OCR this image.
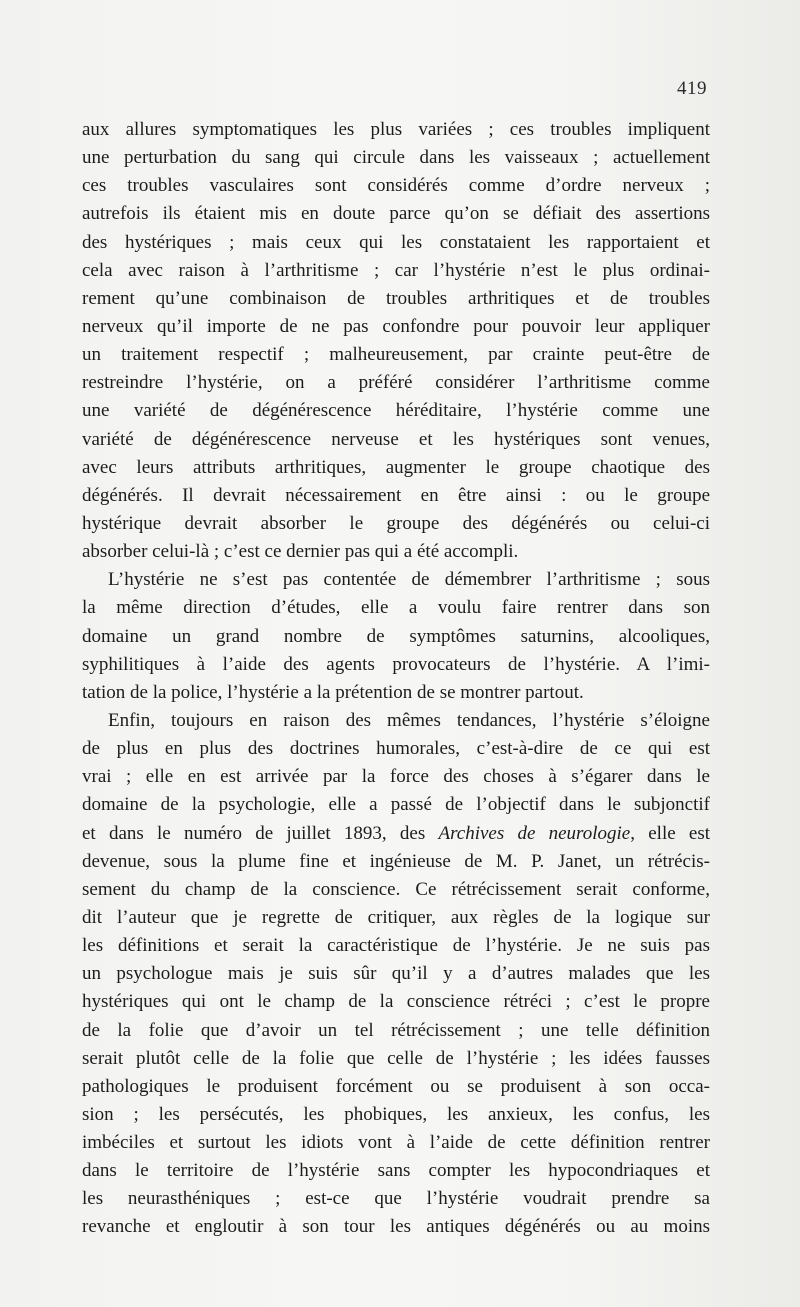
419
aux allures symptomatiques les plus variées ; ces troubles impliquent
une perturbation du sang qui circule dans les vaisseaux ; actuellement
ces troubles vasculaires sont considérés comme d’ordre nerveux ;
autrefois ils étaient mis en doute parce qu’on se défiait des assertions
des hystériques ; mais ceux qui les constataient les rapportaient et
cela avec raison à l’arthritisme ; car l’hystérie n’est le plus ordinai-
rement qu’une combinaison de troubles arthritiques et de troubles
nerveux qu’il importe de ne pas confondre pour pouvoir leur appliquer
un traitement respectif ; malheureusement, par crainte peut-être de
restreindre l’hystérie, on a préféré considérer l’arthritisme comme
une variété de dégénérescence héréditaire, l’hystérie comme une
variété de dégénérescence nerveuse et les hystériques sont venues,
avec leurs attributs arthritiques, augmenter le groupe chaotique des
dégénérés. Il devrait nécessairement en être ainsi : ou le groupe
hystérique devrait absorber le groupe des dégénérés ou celui-ci
absorber celui-là ; c’est ce dernier pas qui a été accompli.
L’hystérie ne s’est pas contentée de démembrer l’arthritisme ; sous
la même direction d’études, elle a voulu faire rentrer dans son
domaine un grand nombre de symptômes saturnins, alcooliques,
syphilitiques à l’aide des agents provocateurs de l’hystérie. A l’imi-
tation de la police, l’hystérie a la prétention de se montrer partout.
Enfin, toujours en raison des mêmes tendances, l’hystérie s’éloigne
de plus en plus des doctrines humorales, c’est-à-dire de ce qui est
vrai ; elle en est arrivée par la force des choses à s’égarer dans le
domaine de la psychologie, elle a passé de l’objectif dans le subjonctif
et dans le numéro de juillet 1893, des Archives de neurologie, elle est
devenue, sous la plume fine et ingénieuse de M. P. Janet, un rétrécis-
sement du champ de la conscience. Ce rétrécissement serait conforme,
dit l’auteur que je regrette de critiquer, aux règles de la logique sur
les définitions et serait la caractéristique de l’hystérie. Je ne suis pas
un psychologue mais je suis sûr qu’il y a d’autres malades que les
hystériques qui ont le champ de la conscience rétréci ; c’est le propre
de la folie que d’avoir un tel rétrécissement ; une telle définition
serait plutôt celle de la folie que celle de l’hystérie ; les idées fausses
pathologiques le produisent forcément ou se produisent à son occa-
sion ; les persécutés, les phobiques, les anxieux, les confus, les
imbéciles et surtout les idiots vont à l’aide de cette définition rentrer
dans le territoire de l’hystérie sans compter les hypocondriaques et
les neurasthéniques ; est-ce que l’hystérie voudrait prendre sa
revanche et engloutir à son tour les antiques dégénérés ou au moins
